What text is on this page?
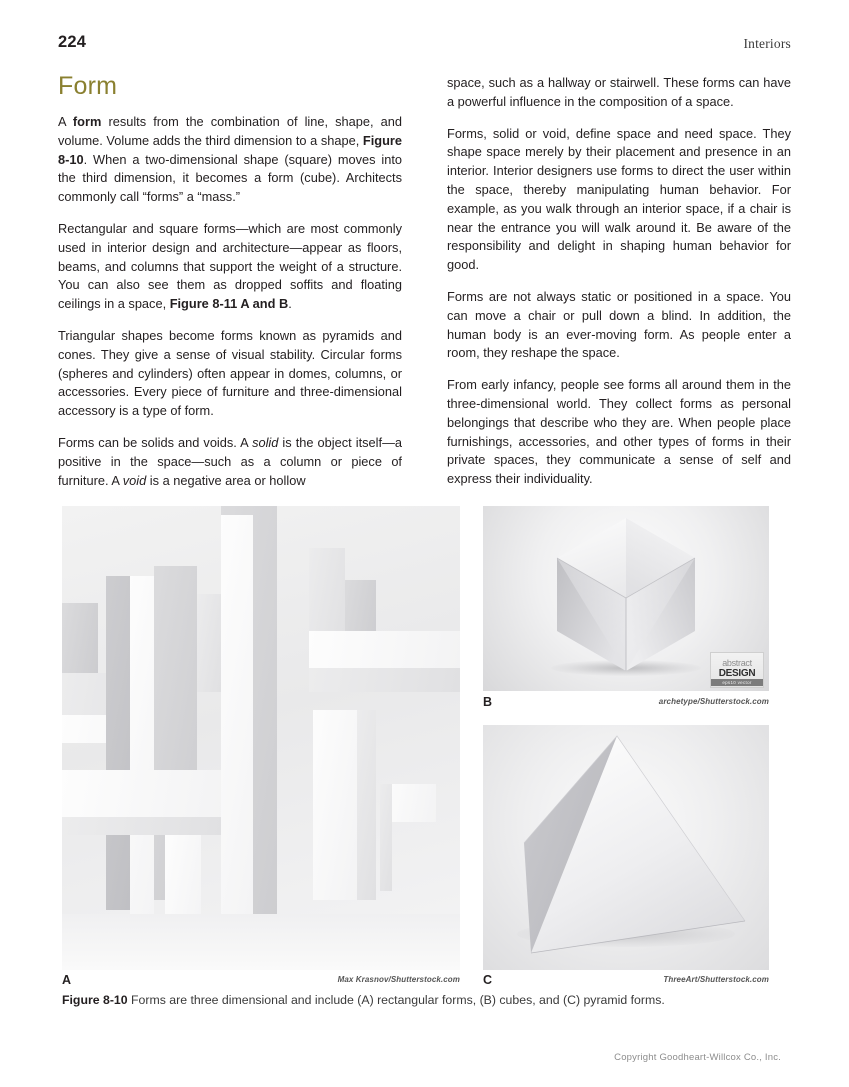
224	Interiors
Form

A form results from the combination of line, shape, and volume. Volume adds the third dimension to a shape, Figure 8-10. When a two-dimensional shape (square) moves into the third dimension, it becomes a form (cube). Architects commonly call “forms” a “mass.”

Rectangular and square forms—which are most commonly used in interior design and architecture—appear as floors, beams, and columns that support the weight of a structure. You can also see them as dropped soffits and floating ceilings in a space, Figure 8-11 A and B.

Triangular shapes become forms known as pyramids and cones. They give a sense of visual stability. Circular forms (spheres and cylinders) often appear in domes, columns, or accessories. Every piece of furniture and three-dimensional accessory is a type of form.

Forms can be solids and voids. A solid is the object itself—a positive in the space—such as a column or piece of furniture. A void is a negative area or hollow

space, such as a hallway or stairwell. These forms can have a powerful influence in the composition of a space.

Forms, solid or void, define space and need space. They shape space merely by their placement and presence in an interior. Interior designers use forms to direct the user within the space, thereby manipulating human behavior. For example, as you walk through an interior space, if a chair is near the entrance you will walk around it. Be aware of the responsibility and delight in shaping human behavior for good.

Forms are not always static or positioned in a space. You can move a chair or pull down a blind. In addition, the human body is an ever-moving form. As people enter a room, they reshape the space.

From early infancy, people see forms all around them in the three-dimensional world. They collect forms as personal belongings that describe who they are. When people place furnishings, accessories, and other types of forms in their private spaces, they communicate a sense of self and express their individuality.

A	Max Krasnov/Shutterstock.com
abstract
DESIGN
eps10 vector
B	archetype/Shutterstock.com
C	ThreeArt/Shutterstock.com
Figure 8-10 Forms are three dimensional and include (A) rectangular forms, (B) cubes, and (C) pyramid forms.
Copyright Goodheart-Willcox Co., Inc.
